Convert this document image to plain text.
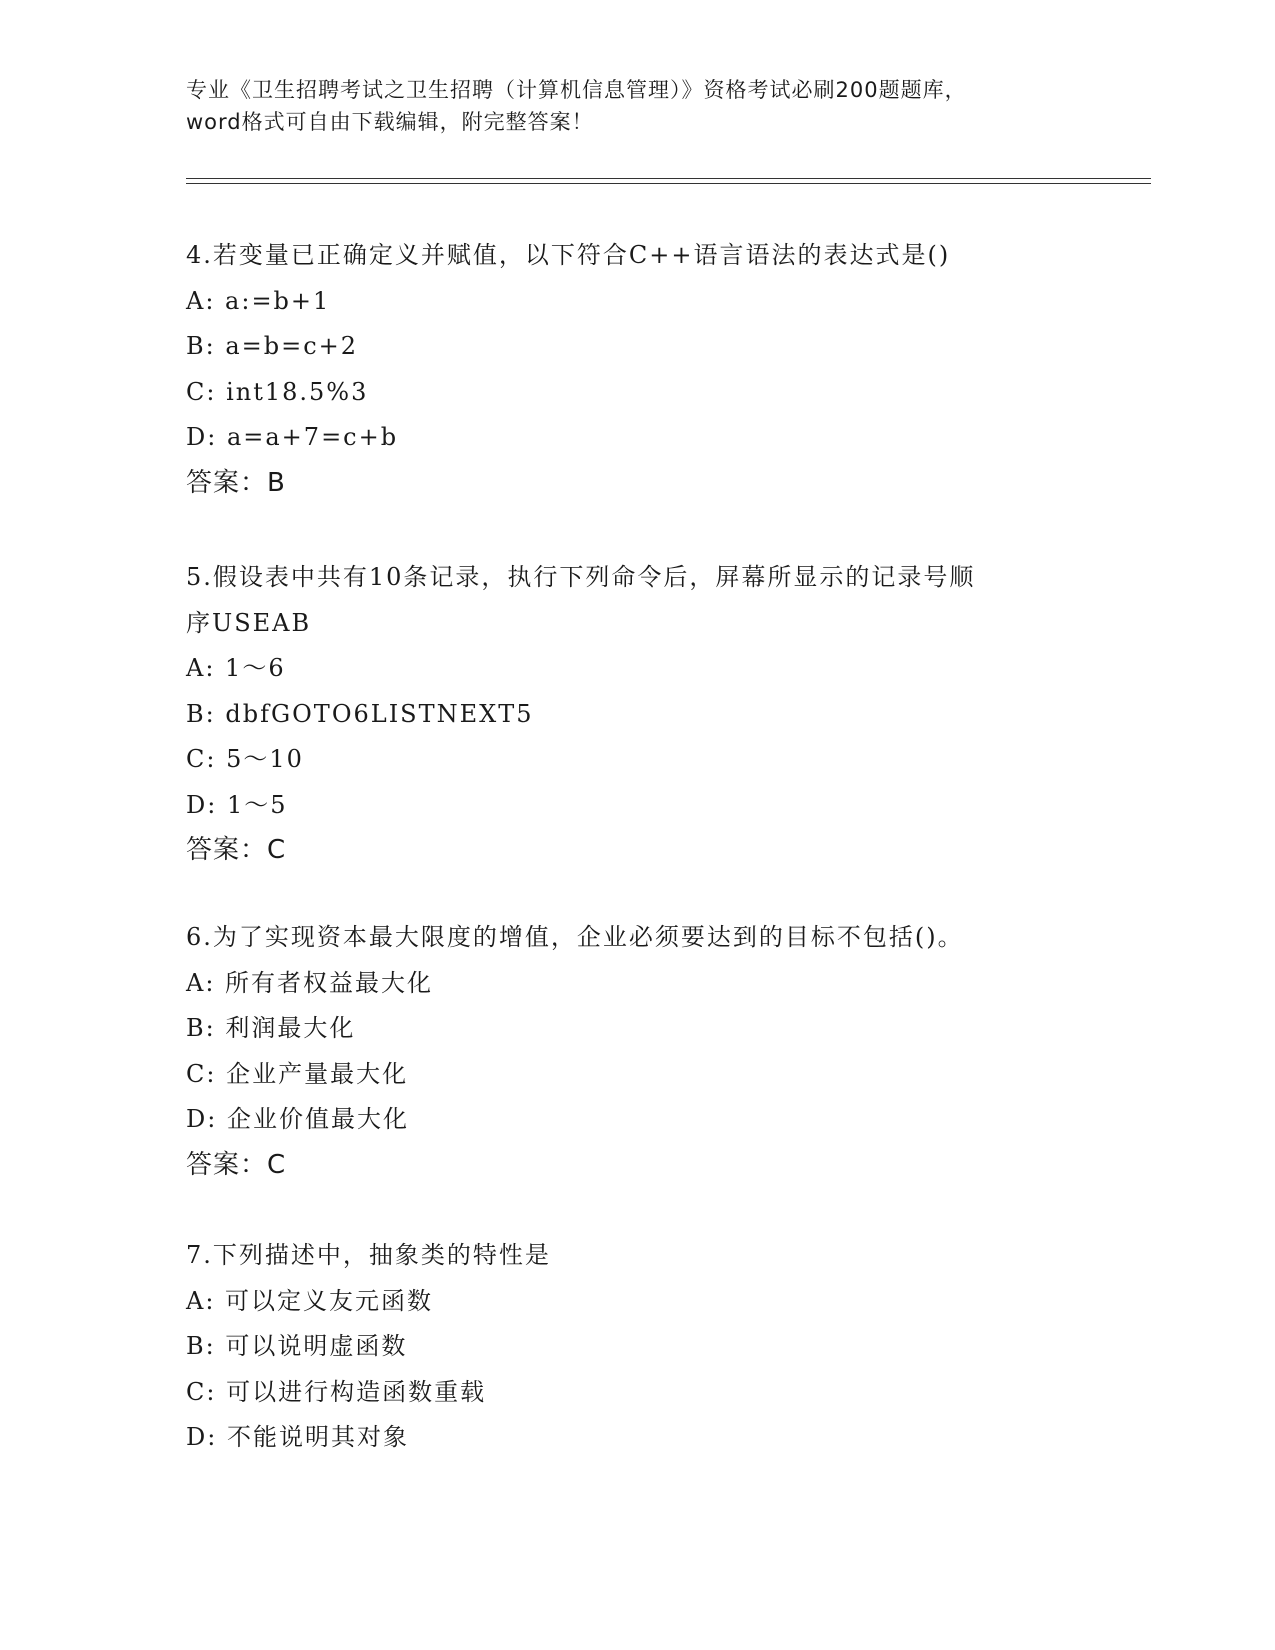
专业《卫生招聘考试之卫生招聘（计算机信息管理）》资格考试必刷200题题库，
word格式可自由下载编辑，附完整答案！
4.若变量已正确定义并赋值，以下符合C++语言语法的表达式是()
A: a:=b+1
B: a=b=c+2
C: int18.5%3
D: a=a+7=c+b
答案：B
5.假设表中共有10条记录，执行下列命令后，屏幕所显示的记录号顺
序USEAB
A: 1～6
B: dbfGOTO6LISTNEXT5
C: 5～10
D: 1～5
答案：C
6.为了实现资本最大限度的增值，企业必须要达到的目标不包括()。
A: 所有者权益最大化
B: 利润最大化
C: 企业产量最大化
D: 企业价值最大化
答案：C
7.下列描述中，抽象类的特性是
A: 可以定义友元函数
B: 可以说明虚函数
C: 可以进行构造函数重载
D: 不能说明其对象
